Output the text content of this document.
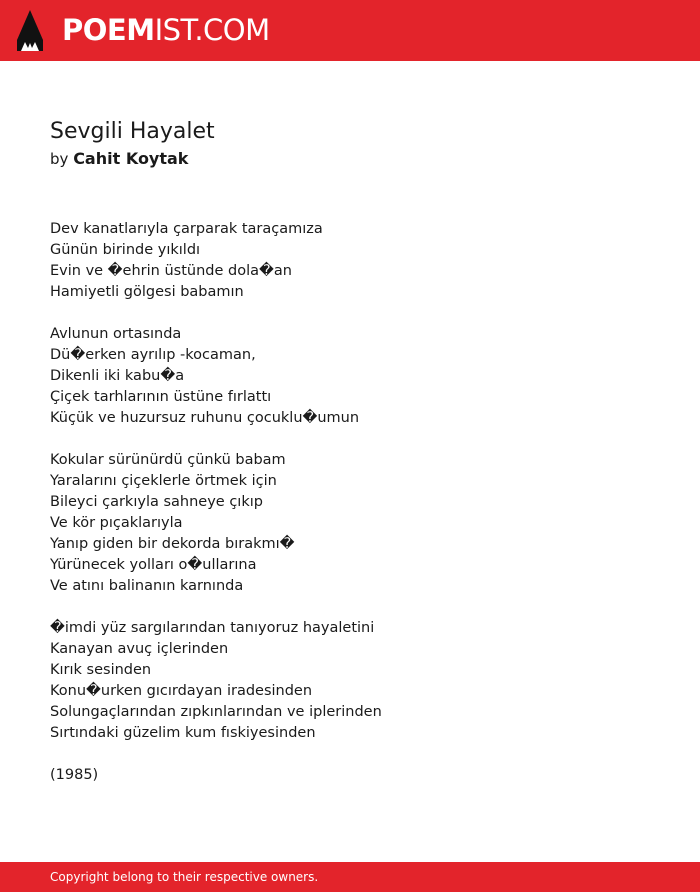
POEMIST.COM
Sevgili Hayalet
by Cahit Koytak
Dev kanatlarıyla çarparak taraçamıza
Günün birinde yıkıldı
Evin ve �ehrin üstünde dola�an
Hamiyetli gölgesi babamın
Avlunun ortasında
Dü�erken ayrılıp -kocaman,
Dikenli iki kabu�a
Çiçek tarhlarının üstüne fırlattı
Küçük ve huzursuz ruhunu çocuklu�umun
Kokular sürünürdü çünkü babam
Yaralarını çiçeklerle örtmek için
Bileyci çarkıyla sahneye çıkıp
Ve kör pıçaklarıyla
Yanıp giden bir dekorda bırakmı�
Yürünecek yolları o�ullarına
Ve atını balinanın karnında
�imdi yüz sargılarından tanıyoruz hayaletini
Kanayan avuç içlerinden
Kırık sesinden
Konu�urken gıcırdayan iradesinden
Solungaçlarından zıpkınlarından ve iplerinden
Sırtındaki güzelim kum fıskiyesinden
(1985)
Copyright belong to their respective owners.
